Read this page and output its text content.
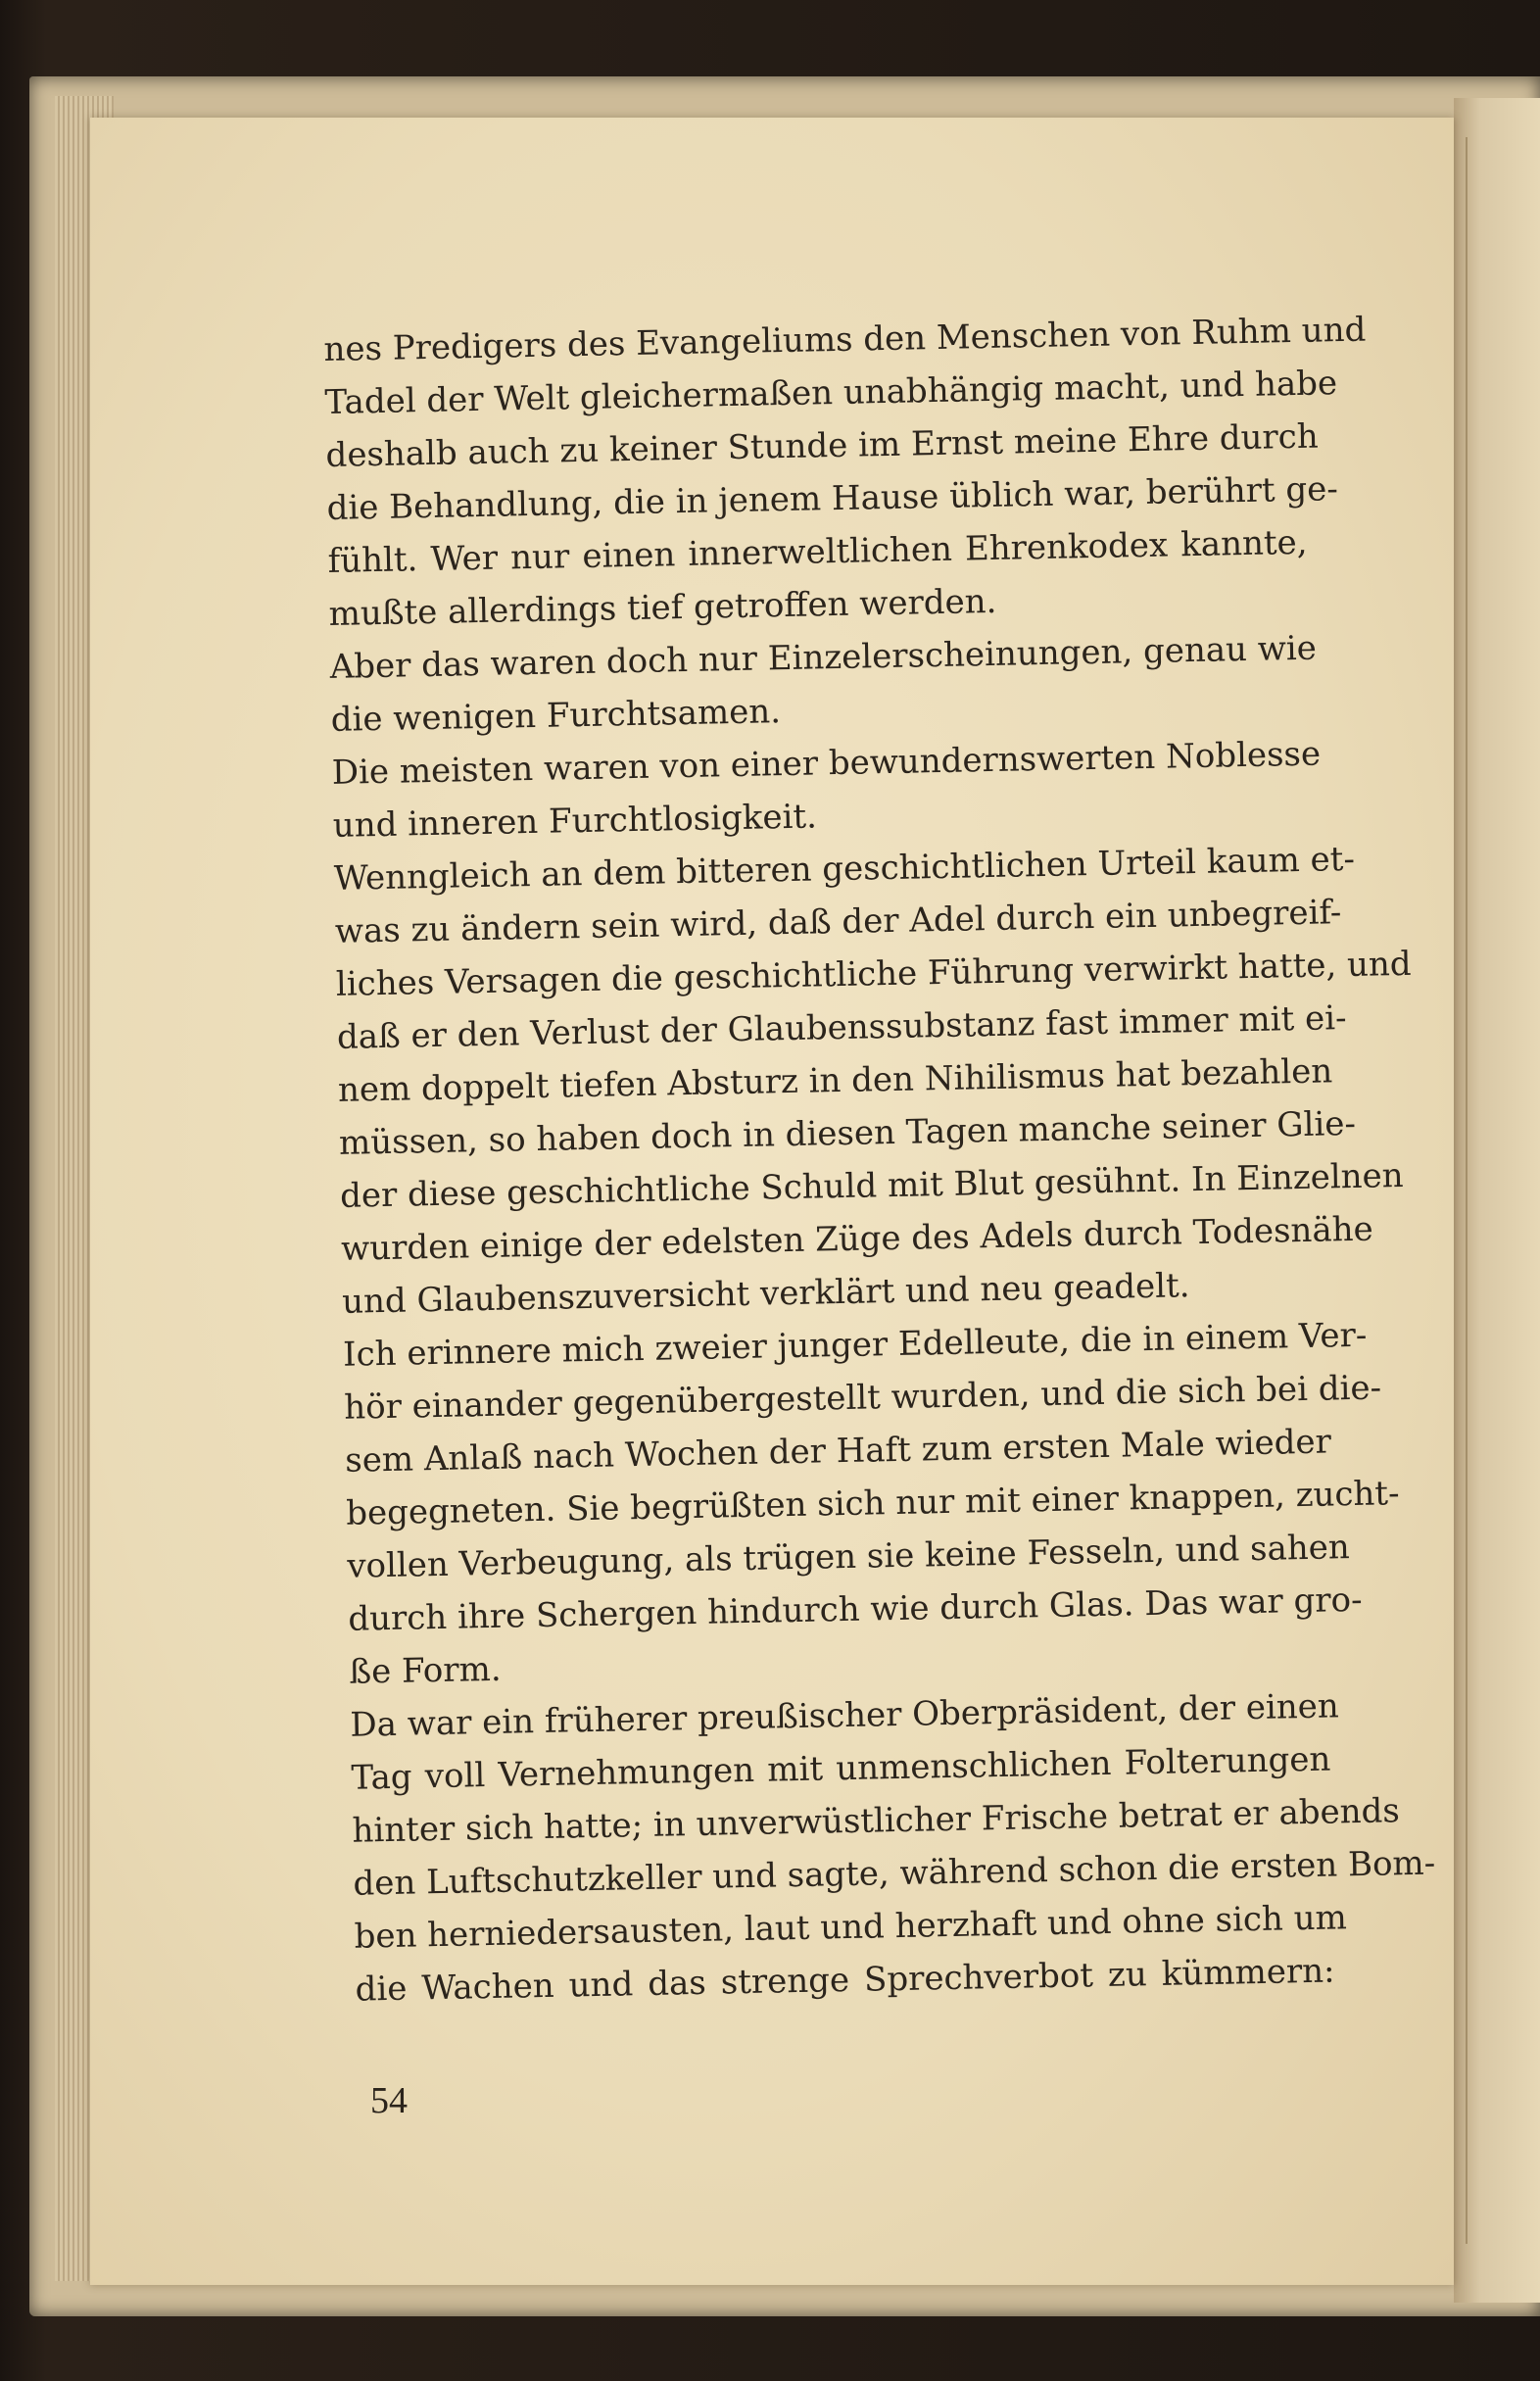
nes Predigers des Evangeliums den Menschen von Ruhm und
Tadel der Welt gleichermaßen unabhängig macht, und habe
deshalb auch zu keiner Stunde im Ernst meine Ehre durch
die Behandlung, die in jenem Hause üblich war, berührt ge-
fühlt. Wer nur einen innerweltlichen Ehrenkodex kannte,
mußte allerdings tief getroffen werden.
Aber das waren doch nur Einzelerscheinungen, genau wie
die wenigen Furchtsamen.
Die meisten waren von einer bewundernswerten Noblesse
und inneren Furchtlosigkeit.
Wenngleich an dem bitteren geschichtlichen Urteil kaum et-
was zu ändern sein wird, daß der Adel durch ein unbegreif-
liches Versagen die geschichtliche Führung verwirkt hatte, und
daß er den Verlust der Glaubenssubstanz fast immer mit ei-
nem doppelt tiefen Absturz in den Nihilismus hat bezahlen
müssen, so haben doch in diesen Tagen manche seiner Glie-
der diese geschichtliche Schuld mit Blut gesühnt. In Einzelnen
wurden einige der edelsten Züge des Adels durch Todesnähe
und Glaubenszuversicht verklärt und neu geadelt.
Ich erinnere mich zweier junger Edelleute, die in einem Ver-
hör einander gegenübergestellt wurden, und die sich bei die-
sem Anlaß nach Wochen der Haft zum ersten Male wieder
begegneten. Sie begrüßten sich nur mit einer knappen, zucht-
vollen Verbeugung, als trügen sie keine Fesseln, und sahen
durch ihre Schergen hindurch wie durch Glas. Das war gro-
ße Form.
Da war ein früherer preußischer Oberpräsident, der einen
Tag voll Vernehmungen mit unmenschlichen Folterungen
hinter sich hatte; in unverwüstlicher Frische betrat er abends
den Luftschutzkeller und sagte, während schon die ersten Bom-
ben herniedersausten, laut und herzhaft und ohne sich um
die Wachen und das strenge Sprechverbot zu kümmern:
54
